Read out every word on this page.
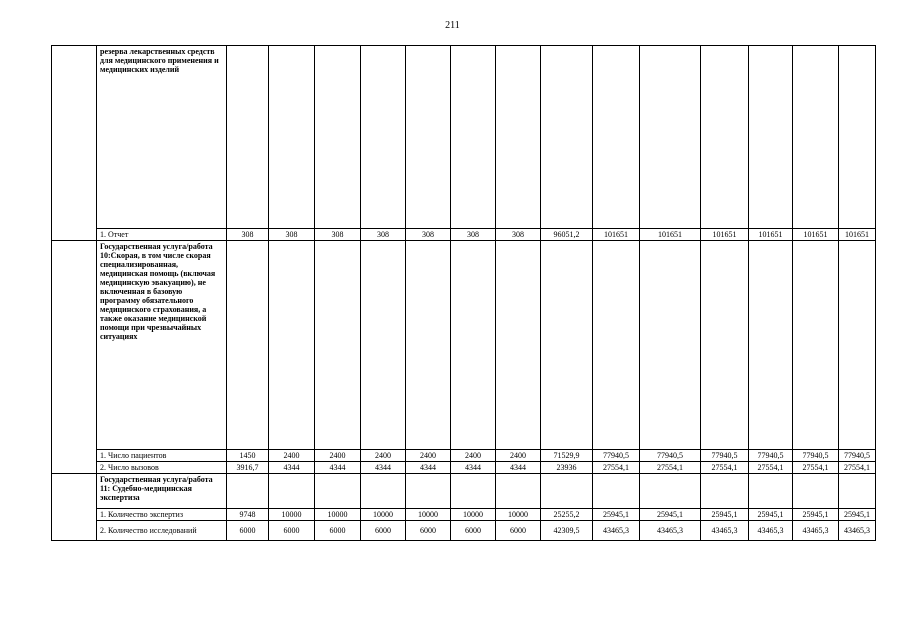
211
	резерва лекарственных средств для медицинского применения и медицинских изделий														
	1. Отчет	308	308	308	308	308	308	308	96051,2	101651	101651	101651	101651	101651	101651
	Государственная услуга/работа 10:Скорая, в том числе скорая специализированная, медицинская помощь (включая медицинскую эвакуацию), не включенная в базовую программу обязательного медицинского страхования, а также оказание медицинской помощи при чрезвычайных ситуациях														
	1. Число пациентов	1450	2400	2400	2400	2400	2400	2400	71529,9	77940,5	77940,5	77940,5	77940,5	77940,5	77940,5
	2. Число вызовов	3916,7	4344	4344	4344	4344	4344	4344	23936	27554,1	27554,1	27554,1	27554,1	27554,1	27554,1
	Государственная услуга/работа 11: Судебно-медицинская экспертиза														
	1. Количество экспертиз	9748	10000	10000	10000	10000	10000	10000	25255,2	25945,1	25945,1	25945,1	25945,1	25945,1	25945,1
	2. Количество исследований	6000	6000	6000	6000	6000	6000	6000	42309,5	43465,3	43465,3	43465,3	43465,3	43465,3	43465,3
